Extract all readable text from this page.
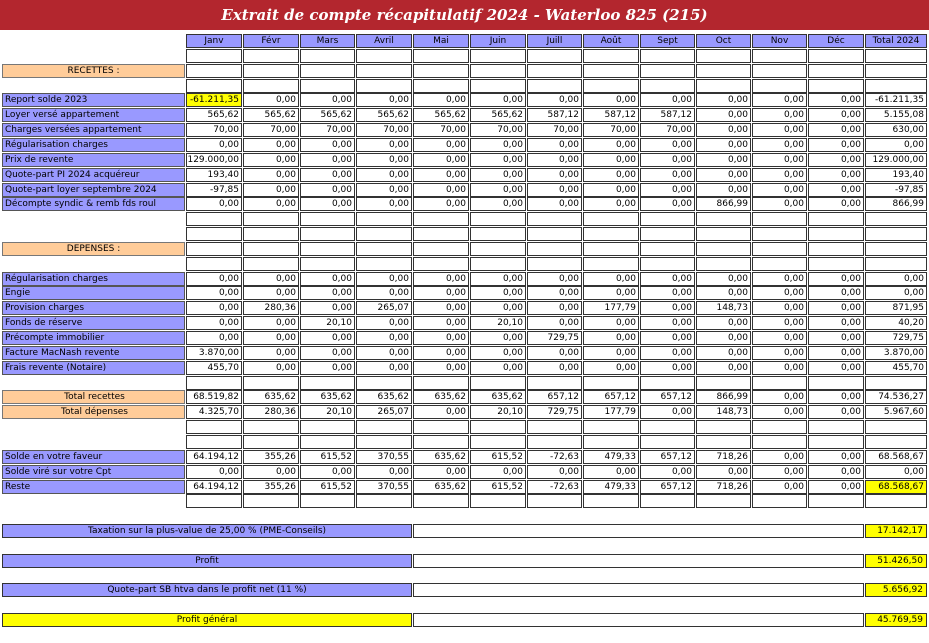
Extrait de compte récapitulatif 2024 - Waterloo 825 (215)
Janv	Févr	Mars	Avril	Mai	Juin	Juill	Août	Sept	Oct	Nov	Déc	Total 2024
RECETTES :
Report solde 2023	-61.211,35	0,00	0,00	0,00	0,00	0,00	0,00	0,00	0,00	0,00	0,00	0,00	-61.211,35
Loyer versé appartement	565,62	565,62	565,62	565,62	565,62	565,62	587,12	587,12	587,12	0,00	0,00	0,00	5.155,08
Charges versées appartement	70,00	70,00	70,00	70,00	70,00	70,00	70,00	70,00	70,00	0,00	0,00	0,00	630,00
Régularisation charges	0,00	0,00	0,00	0,00	0,00	0,00	0,00	0,00	0,00	0,00	0,00	0,00	0,00
Prix de revente	129.000,00	0,00	0,00	0,00	0,00	0,00	0,00	0,00	0,00	0,00	0,00	0,00	129.000,00
Quote-part PI 2024 acquéreur	193,40	0,00	0,00	0,00	0,00	0,00	0,00	0,00	0,00	0,00	0,00	0,00	193,40
Quote-part loyer septembre 2024	-97,85	0,00	0,00	0,00	0,00	0,00	0,00	0,00	0,00	0,00	0,00	0,00	-97,85
Décompte syndic & remb fds roul	0,00	0,00	0,00	0,00	0,00	0,00	0,00	0,00	0,00	866,99	0,00	0,00	866,99
DEPENSES :
Régularisation charges	0,00	0,00	0,00	0,00	0,00	0,00	0,00	0,00	0,00	0,00	0,00	0,00	0,00
Engie	0,00	0,00	0,00	0,00	0,00	0,00	0,00	0,00	0,00	0,00	0,00	0,00	0,00
Provision charges	0,00	280,36	0,00	265,07	0,00	0,00	0,00	177,79	0,00	148,73	0,00	0,00	871,95
Fonds de réserve	0,00	0,00	20,10	0,00	0,00	20,10	0,00	0,00	0,00	0,00	0,00	0,00	40,20
Précompte immobilier	0,00	0,00	0,00	0,00	0,00	0,00	729,75	0,00	0,00	0,00	0,00	0,00	729,75
Facture MacNash revente	3.870,00	0,00	0,00	0,00	0,00	0,00	0,00	0,00	0,00	0,00	0,00	0,00	3.870,00
Frais revente (Notaire)	455,70	0,00	0,00	0,00	0,00	0,00	0,00	0,00	0,00	0,00	0,00	0,00	455,70
Total recettes	68.519,82	635,62	635,62	635,62	635,62	635,62	657,12	657,12	657,12	866,99	0,00	0,00	74.536,27
Total dépenses	4.325,70	280,36	20,10	265,07	0,00	20,10	729,75	177,79	0,00	148,73	0,00	0,00	5.967,60
Solde en votre faveur	64.194,12	355,26	615,52	370,55	635,62	615,52	-72,63	479,33	657,12	718,26	0,00	0,00	68.568,67
Solde viré sur votre Cpt	0,00	0,00	0,00	0,00	0,00	0,00	0,00	0,00	0,00	0,00	0,00	0,00	0,00
Reste	64.194,12	355,26	615,52	370,55	635,62	615,52	-72,63	479,33	657,12	718,26	0,00	0,00	68.568,67
Taxation sur la plus-value de 25,00 % (PME-Conseils)	17.142,17
Profit	51.426,50
Quote-part SB htva dans le profit net (11 %)	5.656,92
Profit général	45.769,59
